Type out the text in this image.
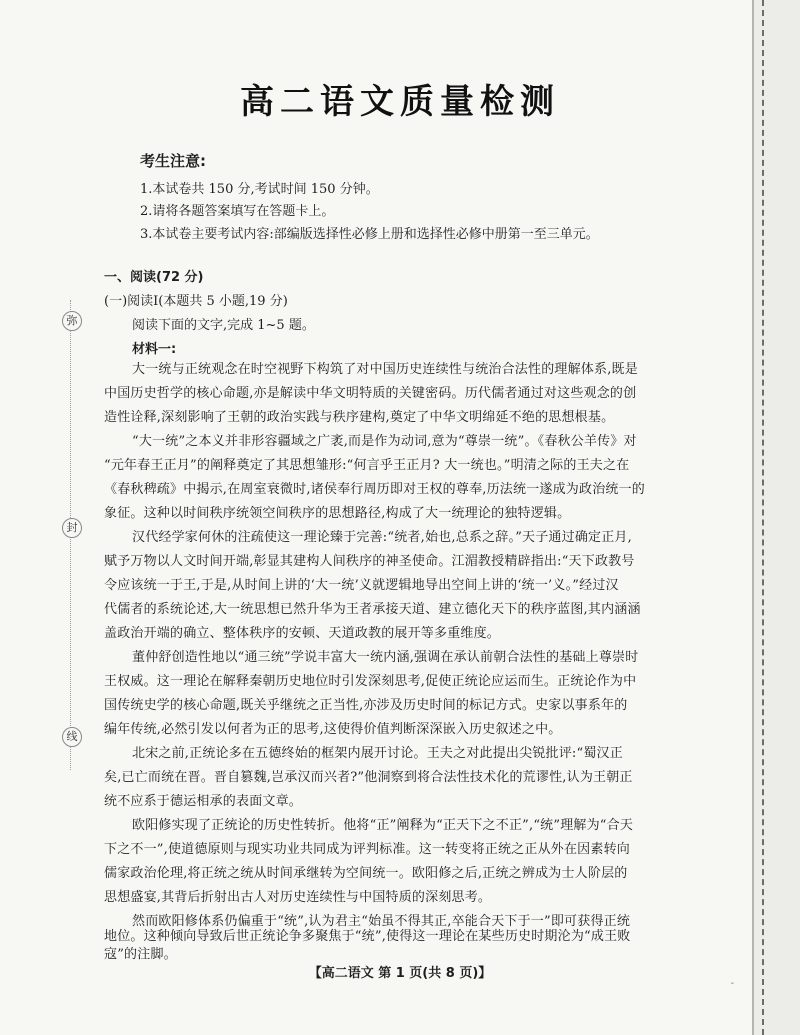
弥
封
线
高二语文质量检测
考生注意:
1.本试卷共 150 分,考试时间 150 分钟。
2.请将各题答案填写在答题卡上。
3.本试卷主要考试内容:部编版选择性必修上册和选择性必修中册第一至三单元。
一、阅读(72 分)
(一)阅读Ⅰ(本题共 5 小题,19 分)
阅读下面的文字,完成 1~5 题。
材料一:
大一统与正统观念在时空视野下构筑了对中国历史连续性与统治合法性的理解体系,既是
中国历史哲学的核心命题,亦是解读中华文明特质的关键密码。历代儒者通过对这些观念的创
造性诠释,深刻影响了王朝的政治实践与秩序建构,奠定了中华文明绵延不绝的思想根基。
“大一统”之本义并非形容疆域之广袤,而是作为动词,意为“尊崇一统”。《春秋公羊传》对
“元年春王正月”的阐释奠定了其思想雏形:“何言乎王正月? 大一统也。”明清之际的王夫之在
《春秋稗疏》中揭示,在周室衰微时,诸侯奉行周历即对王权的尊奉,历法统一遂成为政治统一的
象征。这种以时间秩序统领空间秩序的思想路径,构成了大一统理论的独特逻辑。
汉代经学家何休的注疏使这一理论臻于完善:“统者,始也,总系之辞。”天子通过确定正月,
赋予万物以人文时间开端,彰显其建构人间秩序的神圣使命。江湄教授精辟指出:“天下政教号
令应该统一于王,于是,从时间上讲的‘大一统’义就逻辑地导出空间上讲的‘统一’义。”经过汉
代儒者的系统论述,大一统思想已然升华为王者承接天道、建立德化天下的秩序蓝图,其内涵涵
盖政治开端的确立、整体秩序的安顿、天道政教的展开等多重维度。
董仲舒创造性地以“通三统”学说丰富大一统内涵,强调在承认前朝合法性的基础上尊崇时
王权威。这一理论在解释秦朝历史地位时引发深刻思考,促使正统论应运而生。正统论作为中
国传统史学的核心命题,既关乎继统之正当性,亦涉及历史时间的标记方式。史家以事系年的
编年传统,必然引发以何者为正的思考,这使得价值判断深深嵌入历史叙述之中。
北宋之前,正统论多在五德终始的框架内展开讨论。王夫之对此提出尖锐批评:“蜀汉正
矣,已亡而统在晋。晋自篡魏,岂承汉而兴者?”他洞察到将合法性技术化的荒谬性,认为王朝正
统不应系于德运相承的表面文章。
欧阳修实现了正统论的历史性转折。他将“正”阐释为“正天下之不正”,“统”理解为“合天
下之不一”,使道德原则与现实功业共同成为评判标准。这一转变将正统之正从外在因素转向
儒家政治伦理,将正统之统从时间承继转为空间统一。欧阳修之后,正统之辨成为士人阶层的
思想盛宴,其背后折射出古人对历史连续性与中国特质的深刻思考。
然而欧阳修体系仍偏重于“统”,认为君主“始虽不得其正,卒能合天下于一”即可获得正统
地位。这种倾向导致后世正统论争多聚焦于“统”,使得这一理论在某些历史时期沦为“成王败
【高二语文 第 1 页(共 8 页)】
-
寇”的注脚。
